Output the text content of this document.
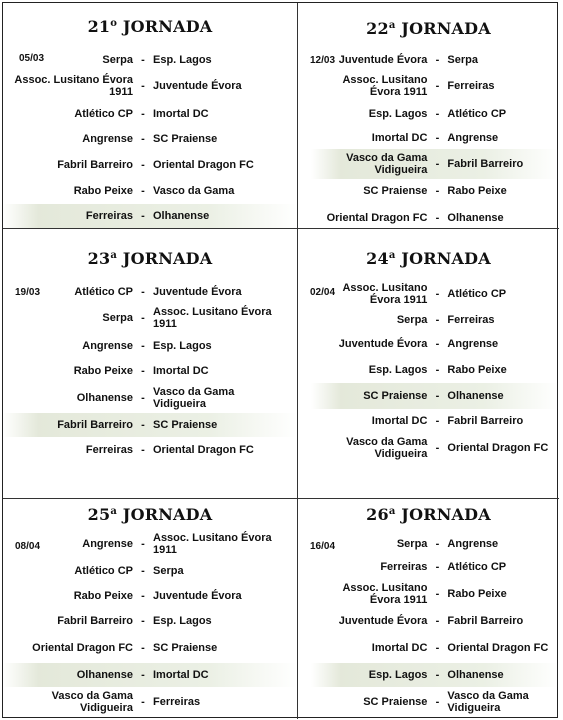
21$^o$ JORNADA
05/03	Serpa - Esp. Lagos
Assoc. Lusitano Évora 1911 - Juventude Évora
Atlético CP - Imortal DC
Angrense - SC Praiense
Fabril Barreiro - Oriental Dragon FC
Rabo Peixe - Vasco da Gama
Ferreiras - Olhanense
22$^a$ JORNADA
12/03 Juventude Évora - Serpa
Assoc. Lusitano Évora 1911 - Ferreiras
Esp. Lagos - Atlético CP
Imortal DC - Angrense
Vasco da Gama Vidigueira - Fabril Barreiro
SC Praiense - Rabo Peixe
Oriental Dragon FC - Olhanense
23$^a$ JORNADA
19/03	Atlético CP - Juventude Évora
Serpa - Assoc. Lusitano Évora 1911
Angrense - Esp. Lagos
Rabo Peixe - Imortal DC
Olhanense - Vasco da Gama Vidigueira
Fabril Barreiro - SC Praiense
Ferreiras - Oriental Dragon FC
24$^a$ JORNADA
02/04 Assoc. Lusitano Évora 1911 - Atlético CP
Serpa - Ferreiras
Juventude Évora - Angrense
Esp. Lagos - Rabo Peixe
SC Praiense - Olhanense
Imortal DC - Fabril Barreiro
Vasco da Gama Vidigueira - Oriental Dragon FC
25$^a$ JORNADA
08/04	Angrense - Assoc. Lusitano Évora 1911
Atlético CP - Serpa
Rabo Peixe - Juventude Évora
Fabril Barreiro - Esp. Lagos
Oriental Dragon FC - SC Praiense
Olhanense - Imortal DC
Vasco da Gama Vidigueira - Ferreiras
26$^a$ JORNADA
16/04	Serpa - Angrense
Ferreiras - Atlético CP
Assoc. Lusitano Évora 1911 - Rabo Peixe
Juventude Évora - Fabril Barreiro
Imortal DC - Oriental Dragon FC
Esp. Lagos - Olhanense
SC Praiense - Vasco da Gama Vidigueira
